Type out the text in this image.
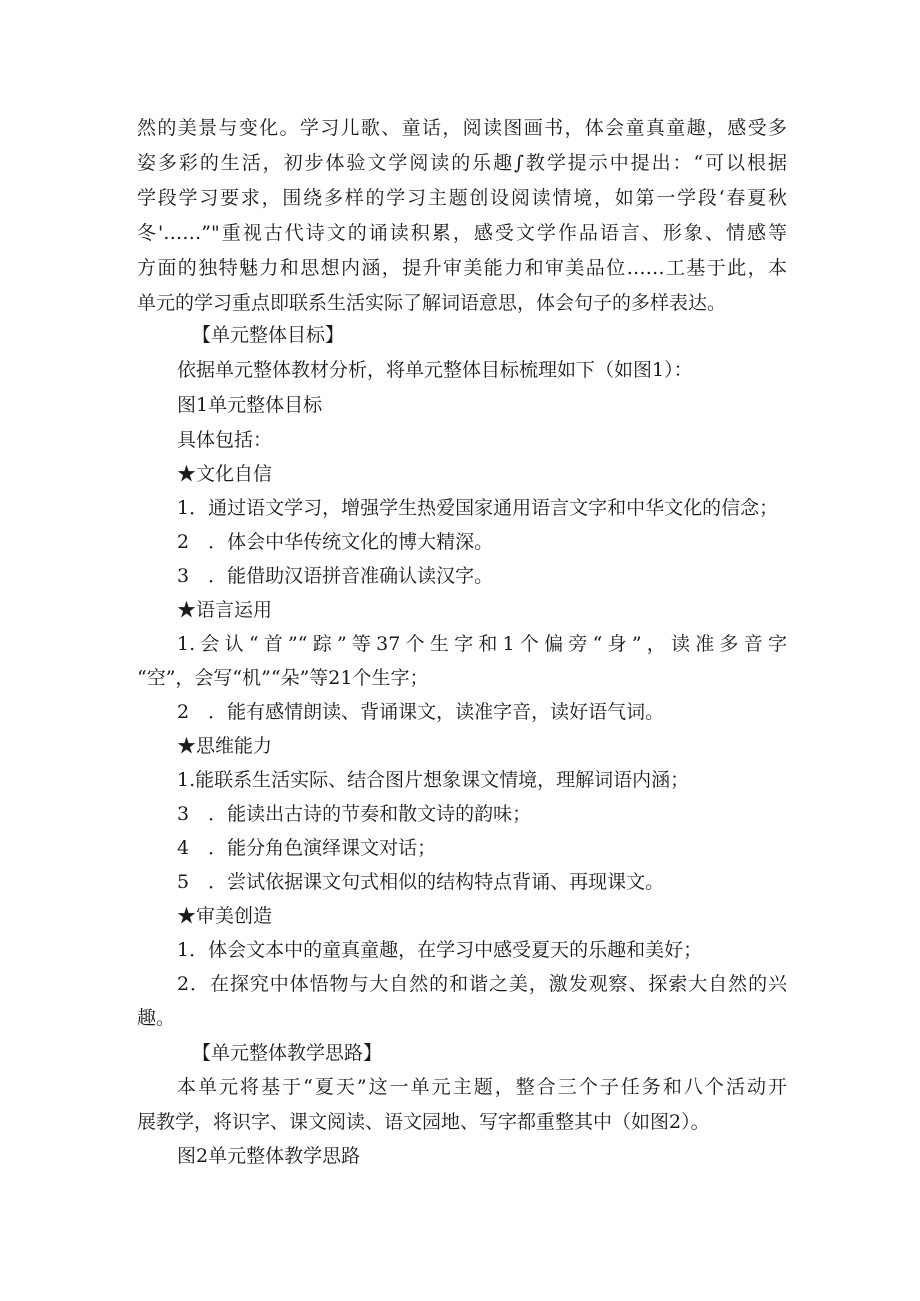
然的美景与变化。学习儿歌、童话，阅读图画书，体会童真童趣，感受多
姿多彩的生活，初步体验文学阅读的乐趣∫教学提示中提出：“可以根据
学段学习要求，围绕多样的学习主题创设阅读情境，如第一学段‘春夏秋
冬'……”"重视古代诗文的诵读积累，感受文学作品语言、形象、情感等
方面的独特魅力和思想内涵，提升审美能力和审美品位……工基于此，本
单元的学习重点即联系生活实际了解词语意思，体会句子的多样表达。
【单元整体目标】
依据单元整体教材分析，将单元整体目标梳理如下（如图1）：
图1单元整体目标
具体包括：
★文化自信
1．通过语文学习，增强学生热爱国家通用语言文字和中华文化的信念；
2　．体会中华传统文化的博大精深。
3　．能借助汉语拼音准确认读汉字。
★语言运用
1.会认“首”“踪”等37个生字和1个偏旁“身”，读准多音字
“空”，会写“机”“朵”等21个生字；
2　．能有感情朗读、背诵课文，读准字音，读好语气词。
★思维能力
1.能联系生活实际、结合图片想象课文情境，理解词语内涵；
3　．能读出古诗的节奏和散文诗的韵味；
4　．能分角色演绎课文对话；
5　．尝试依据课文句式相似的结构特点背诵、再现课文。
★审美创造
1．体会文本中的童真童趣，在学习中感受夏天的乐趣和美好；
2．在探究中体悟物与大自然的和谐之美，激发观察、探索大自然的兴
趣。
【单元整体教学思路】
本单元将基于“夏天”这一单元主题，整合三个子任务和八个活动开
展教学，将识字、课文阅读、语文园地、写字都重整其中（如图2）。
图2单元整体教学思路
